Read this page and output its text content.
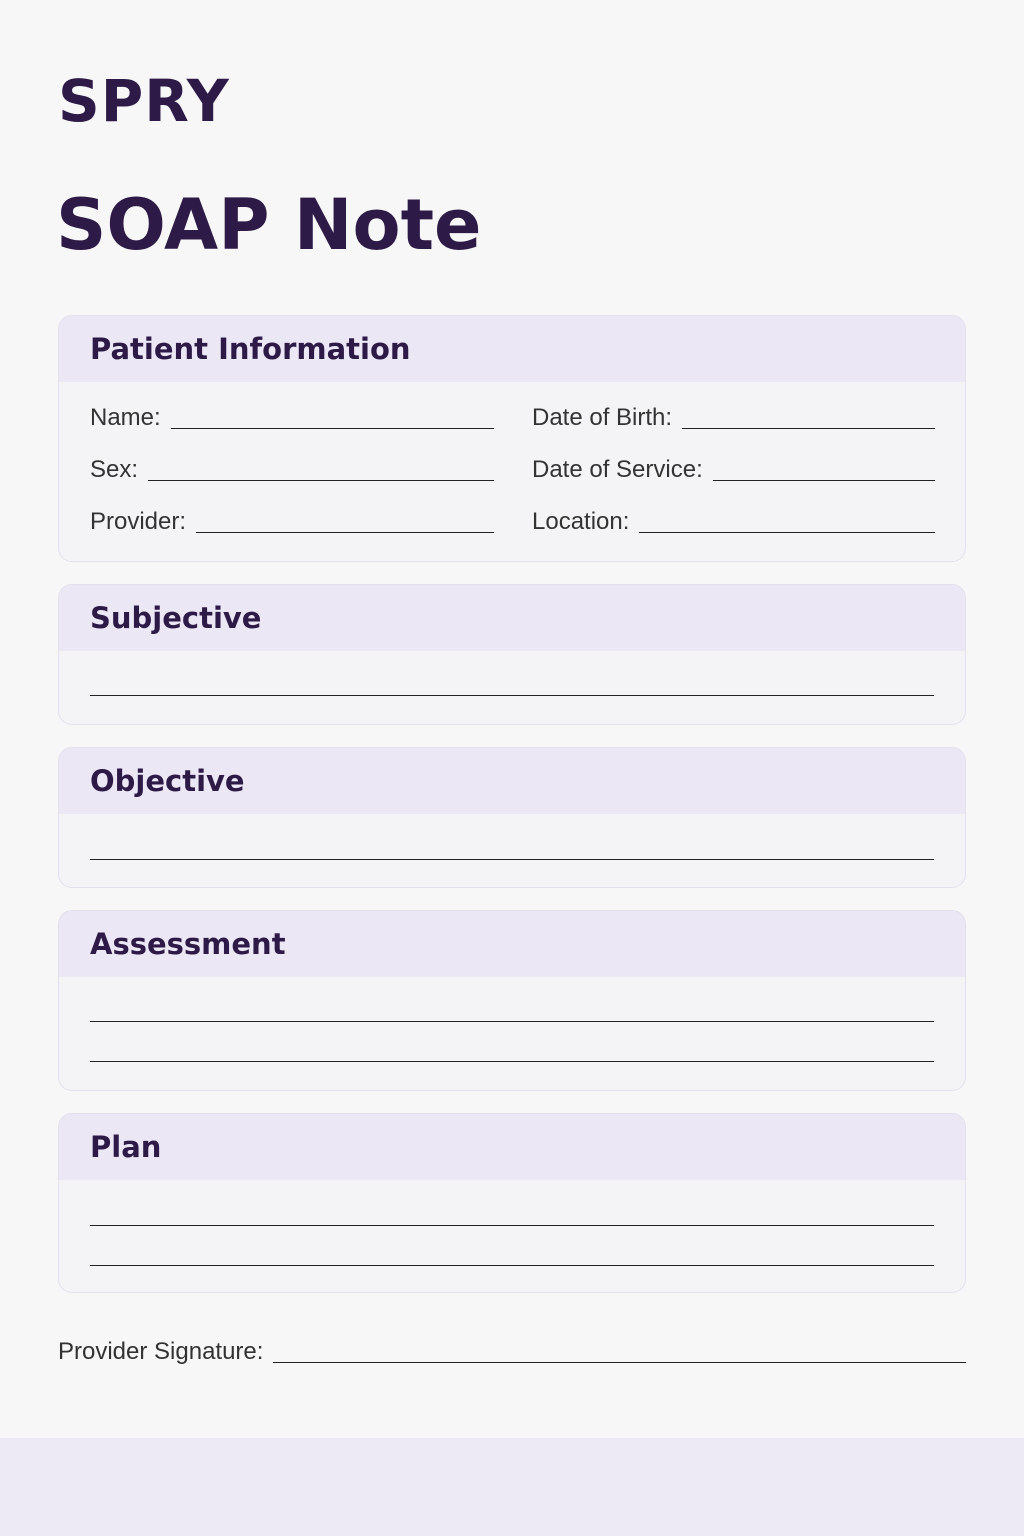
SPRY
SOAP Note
Patient Information
Name:	Date of Birth:
Sex:	Date of Service:
Provider:	Location:
Subjective
Objective
Assessment
Plan
Provider Signature:
